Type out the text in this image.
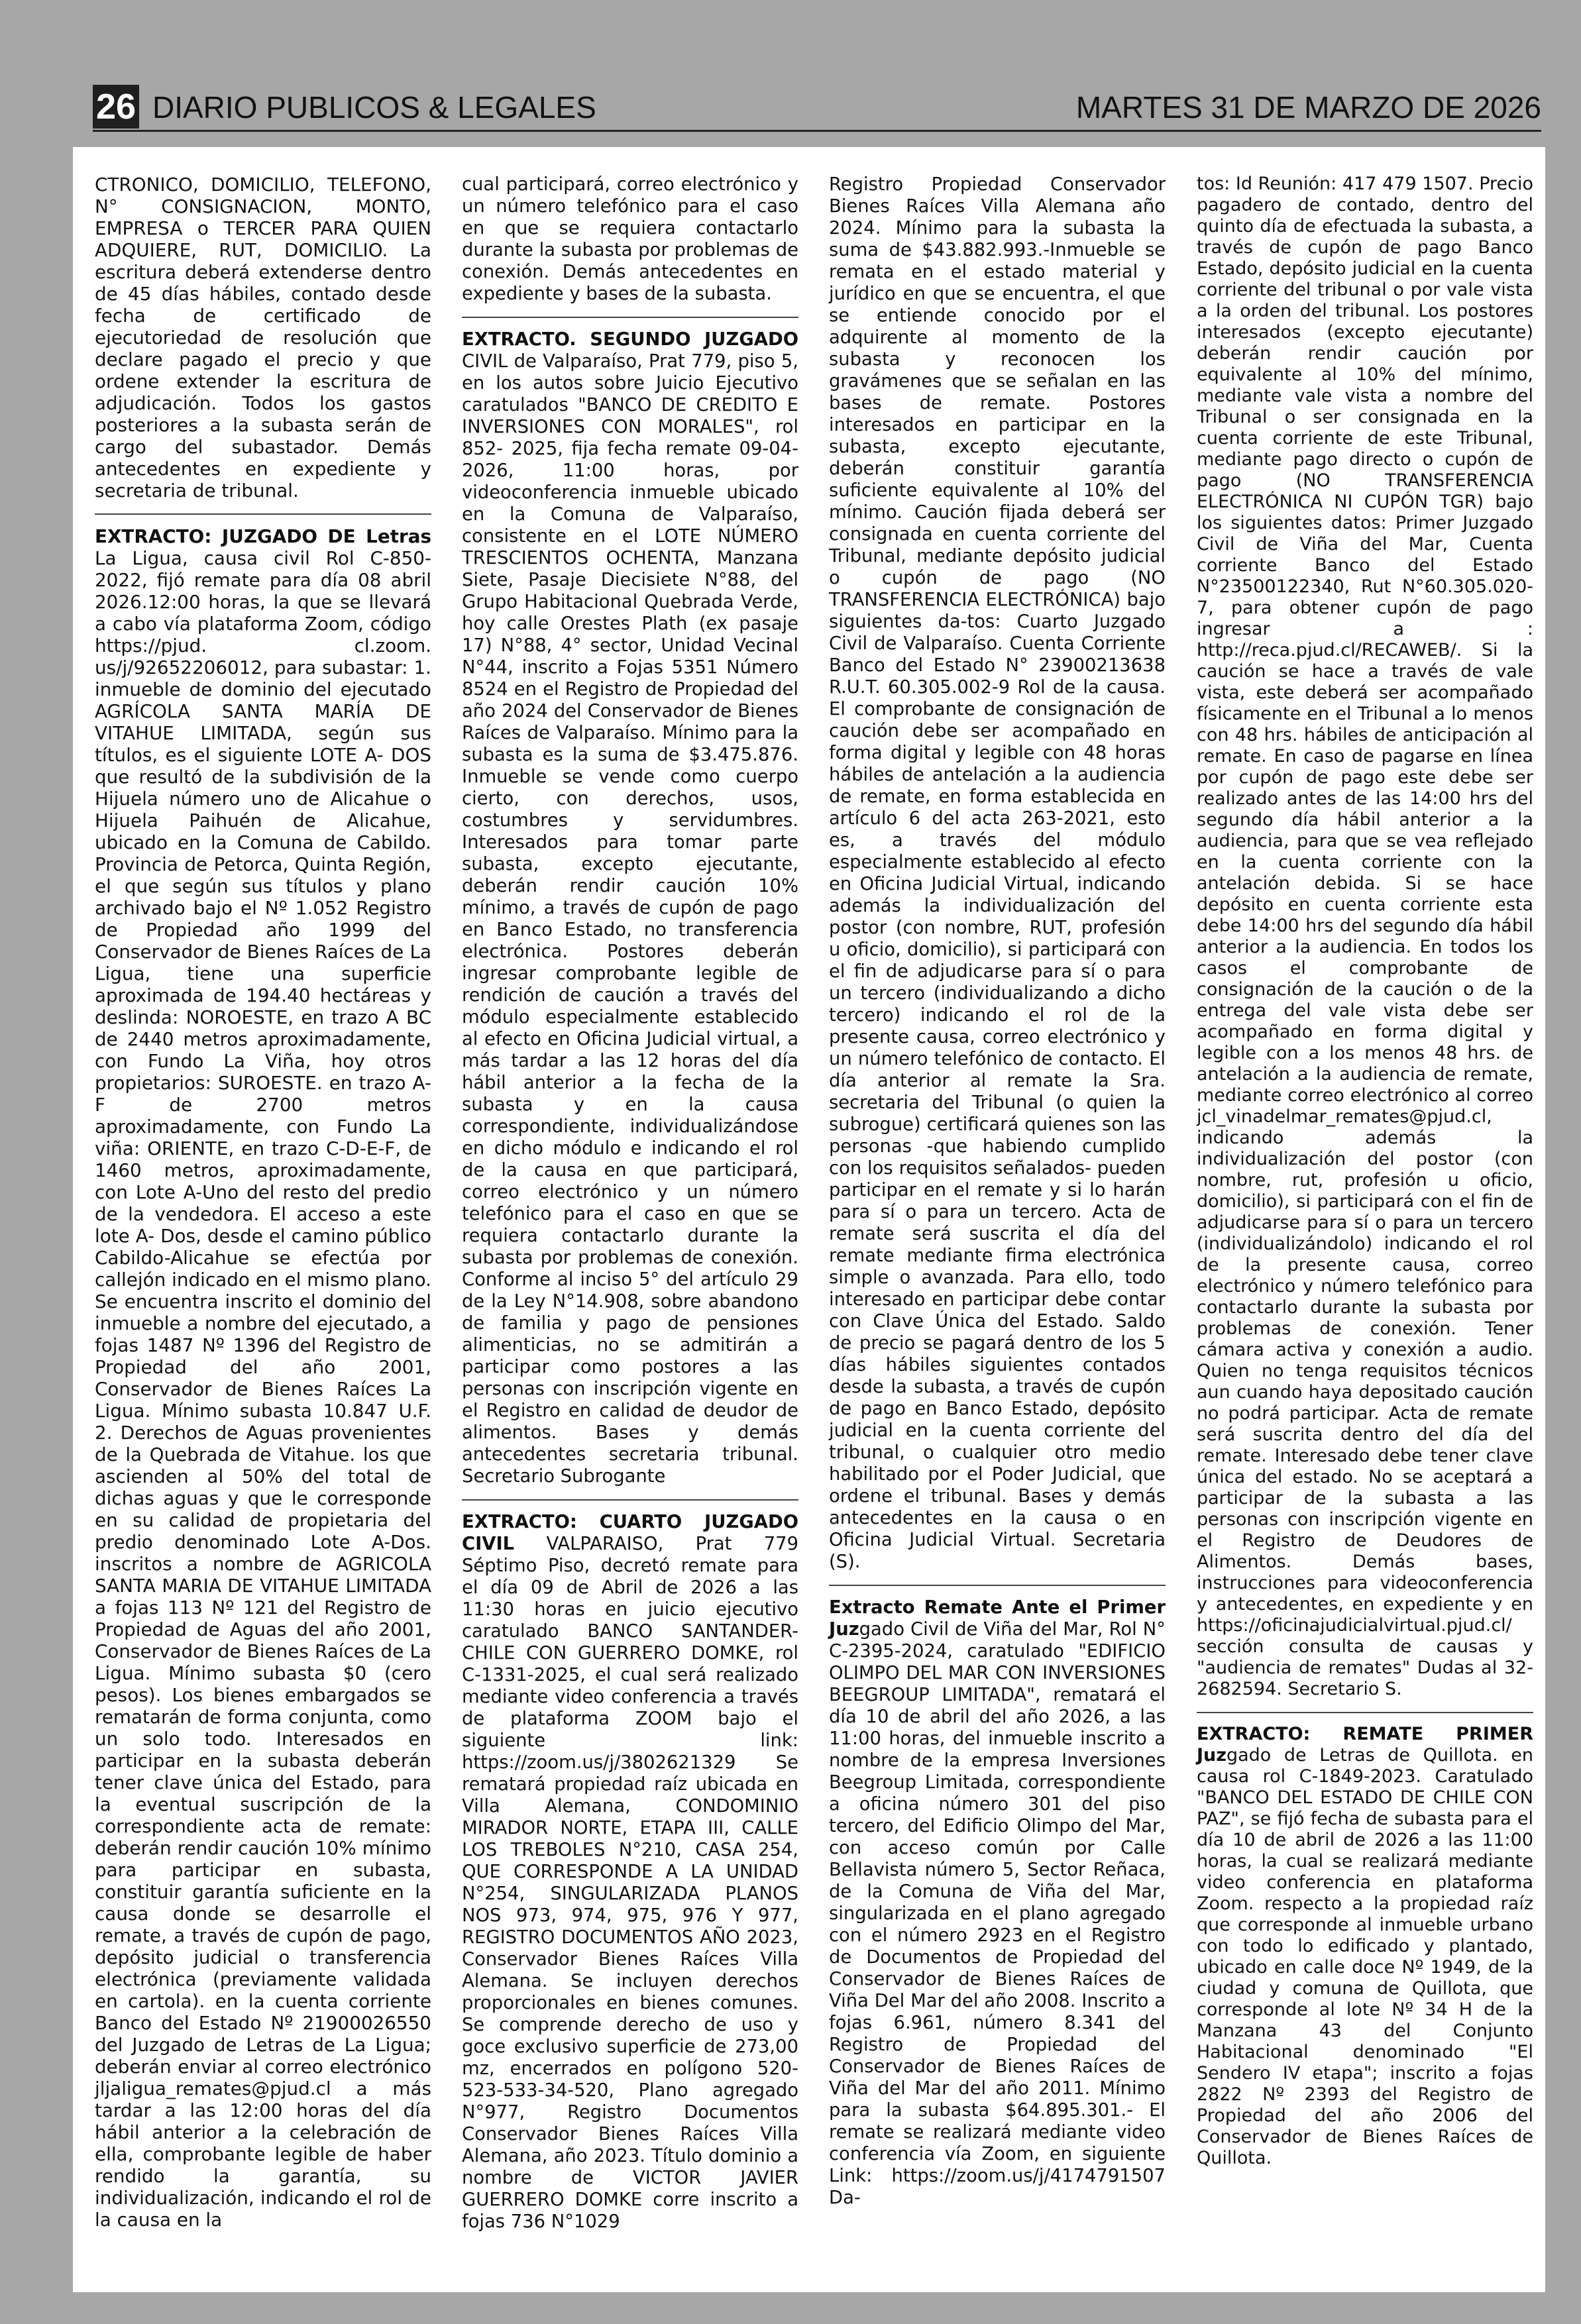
26 DIARIO PUBLICOS & LEGALES	MARTES 31 DE MARZO DE 2026

CTRONICO, DOMICILIO, TELEFONO, N° CONSIGNACION, MONTO, EMPRESA o TERCER PARA QUIEN ADQUIERE, RUT, DOMICILIO. La escritura deberá extenderse dentro de 45 días hábiles, contado desde fecha de certificado de ejecutoriedad de resolución que declare pagado el precio y que ordene extender la escritura de adjudicación. Todos los gastos posteriores a la subasta serán de cargo del subastador. Demás antecedentes en expediente y secretaria de tribunal.

EXTRACTO: JUZGADO DE Letras La Ligua, causa civil Rol C-850-2022, fijó remate para día 08 abril 2026.12:00 horas, la que se llevará a cabo vía plataforma Zoom, código https://pjud. cl.zoom. us/j/92652206012, para subastar: 1. inmueble de dominio del ejecutado AGRÍCOLA SANTA MARÍA DE VITAHUE LIMITADA, según sus títulos, es el siguiente LOTE A- DOS que resultó de la subdivisión de la Hijuela número uno de Alicahue o Hijuela Paihuén de Alicahue, ubicado en la Comuna de Cabildo. Provincia de Petorca, Quinta Región, el que según sus títulos y plano archivado bajo el Nº 1.052 Registro de Propiedad año 1999 del Conservador de Bienes Raíces de La Ligua, tiene una superficie aproximada de 194.40 hectáreas y deslinda: NOROESTE, en trazo A BC de 2440 metros aproximadamente, con Fundo La Viña, hoy otros propietarios: SUROESTE. en trazo A-F de 2700 metros aproximadamente, con Fundo La viña: ORIENTE, en trazo C-D-E-F, de 1460 metros, aproximadamente, con Lote A-Uno del resto del predio de la vendedora. El acceso a este lote A- Dos, desde el camino público Cabildo-Alicahue se efectúa por callejón indicado en el mismo plano. Se encuentra inscrito el dominio del inmueble a nombre del ejecutado, a fojas 1487 Nº 1396 del Registro de Propiedad del año 2001, Conservador de Bienes Raíces La Ligua. Mínimo subasta 10.847 U.F. 2. Derechos de Aguas provenientes de la Quebrada de Vitahue. los que ascienden al 50% del total de dichas aguas y que le corresponde en su calidad de propietaria del predio denominado Lote A-Dos. inscritos a nombre de AGRICOLA SANTA MARIA DE VITAHUE LIMITADA a fojas 113 Nº 121 del Registro de Propiedad de Aguas del año 2001, Conservador de Bienes Raíces de La Ligua. Mínimo subasta $0 (cero pesos). Los bienes embargados se rematarán de forma conjunta, como un solo todo. Interesados en participar en la subasta deberán tener clave única del Estado, para la eventual suscripción de la correspondiente acta de remate: deberán rendir caución 10% mínimo para participar en subasta, constituir garantía suficiente en la causa donde se desarrolle el remate, a través de cupón de pago, depósito judicial o transferencia electrónica (previamente validada en cartola). en la cuenta corriente Banco del Estado Nº 21900026550 del Juzgado de Letras de La Ligua; deberán enviar al correo electrónico jljaligua_remates@pjud.cl a más tardar a las 12:00 horas del día hábil anterior a la celebración de ella, comprobante legible de haber rendido la garantía, su individualización, indicando el rol de la causa en la

cual participará, correo electrónico y un número telefónico para el caso en que se requiera contactarlo durante la subasta por problemas de conexión. Demás antecedentes en expediente y bases de la subasta.

EXTRACTO. SEGUNDO JUZGADO CIVIL de Valparaíso, Prat 779, piso 5, en los autos sobre Juicio Ejecutivo caratulados "BANCO DE CREDITO E INVERSIONES CON MORALES", rol 852- 2025, fija fecha remate 09-04-2026, 11:00 horas, por videoconferencia inmueble ubicado en la Comuna de Valparaíso, consistente en el LOTE NÚMERO TRESCIENTOS OCHENTA, Manzana Siete, Pasaje Diecisiete N°88, del Grupo Habitacional Quebrada Verde, hoy calle Orestes Plath (ex pasaje 17) N°88, 4° sector, Unidad Vecinal N°44, inscrito a Fojas 5351 Número 8524 en el Registro de Propiedad del año 2024 del Conservador de Bienes Raíces de Valparaíso. Mínimo para la subasta es la suma de $3.475.876. Inmueble se vende como cuerpo cierto, con derechos, usos, costumbres y servidumbres. Interesados para tomar parte subasta, excepto ejecutante, deberán rendir caución 10% mínimo, a través de cupón de pago en Banco Estado, no transferencia electrónica. Postores deberán ingresar comprobante legible de rendición de caución a través del módulo especialmente establecido al efecto en Oficina Judicial virtual, a más tardar a las 12 horas del día hábil anterior a la fecha de la subasta y en la causa correspondiente, individualizándose en dicho módulo e indicando el rol de la causa en que participará, correo electrónico y un número telefónico para el caso en que se requiera contactarlo durante la subasta por problemas de conexión. Conforme al inciso 5° del artículo 29 de la Ley N°14.908, sobre abandono de familia y pago de pensiones alimenticias, no se admitirán a participar como postores a las personas con inscripción vigente en el Registro en calidad de deudor de alimentos. Bases y demás antecedentes secretaria tribunal. Secretario Subrogante

EXTRACTO: CUARTO JUZGADO CIVIL VALPARAISO, Prat 779 Séptimo Piso, decretó remate para el día 09 de Abril de 2026 a las 11:30 horas en juicio ejecutivo caratulado BANCO SANTANDER-CHILE CON GUERRERO DOMKE, rol C-1331-2025, el cual será realizado mediante video conferencia a través de plataforma ZOOM bajo el siguiente link: https://zoom.us/j/3802621329 Se rematará propiedad raíz ubicada en Villa Alemana, CONDOMINIO MIRADOR NORTE, ETAPA III, CALLE LOS TREBOLES N°210, CASA 254, QUE CORRESPONDE A LA UNIDAD N°254, SINGULARIZADA PLANOS NOS 973, 974, 975, 976 Y 977, REGISTRO DOCUMENTOS AÑO 2023, Conservador Bienes Raíces Villa Alemana. Se incluyen derechos proporcionales en bienes comunes. Se comprende derecho de uso y goce exclusivo superficie de 273,00 mz, encerrados en polígono 520-523-533-34-520, Plano agregado N°977, Registro Documentos Conservador Bienes Raíces Villa Alemana, año 2023. Título dominio a nombre de VICTOR JAVIER GUERRERO DOMKE corre inscrito a fojas 736 N°1029

Registro Propiedad Conservador Bienes Raíces Villa Alemana año 2024. Mínimo para la subasta la suma de $43.882.993.-Inmueble se remata en el estado material y jurídico en que se encuentra, el que se entiende conocido por el adquirente al momento de la subasta y reconocen los gravámenes que se señalan en las bases de remate. Postores interesados en participar en la subasta, excepto ejecutante, deberán constituir garantía suficiente equivalente al 10% del mínimo. Caución fijada deberá ser consignada en cuenta corriente del Tribunal, mediante depósito judicial o cupón de pago (NO TRANSFERENCIA ELECTRÓNICA) bajo siguientes da-tos: Cuarto Juzgado Civil de Valparaíso. Cuenta Corriente Banco del Estado N° 23900213638 R.U.T. 60.305.002-9 Rol de la causa. El comprobante de consignación de caución debe ser acompañado en forma digital y legible con 48 horas hábiles de antelación a la audiencia de remate, en forma establecida en artículo 6 del acta 263-2021, esto es, a través del módulo especialmente establecido al efecto en Oficina Judicial Virtual, indicando además la individualización del postor (con nombre, RUT, profesión u oficio, domicilio), si participará con el fin de adjudicarse para sí o para un tercero (individualizando a dicho tercero) indicando el rol de la presente causa, correo electrónico y un número telefónico de contacto. El día anterior al remate la Sra. secretaria del Tribunal (o quien la subrogue) certificará quienes son las personas -que habiendo cumplido con los requisitos señalados- pueden participar en el remate y si lo harán para sí o para un tercero. Acta de remate será suscrita el día del remate mediante firma electrónica simple o avanzada. Para ello, todo interesado en participar debe contar con Clave Única del Estado. Saldo de precio se pagará dentro de los 5 días hábiles siguientes contados desde la subasta, a través de cupón de pago en Banco Estado, depósito judicial en la cuenta corriente del tribunal, o cualquier otro medio habilitado por el Poder Judicial, que ordene el tribunal. Bases y demás antecedentes en la causa o en Oficina Judicial Virtual. Secretaria (S).

Extracto Remate Ante el Primer Juzgado Civil de Viña del Mar, Rol N° C-2395-2024, caratulado "EDIFICIO OLIMPO DEL MAR CON INVERSIONES BEEGROUP LIMITADA", rematará el día 10 de abril del año 2026, a las 11:00 horas, del inmueble inscrito a nombre de la empresa Inversiones Beegroup Limitada, correspondiente a oficina número 301 del piso tercero, del Edificio Olimpo del Mar, con acceso común por Calle Bellavista número 5, Sector Reñaca, de la Comuna de Viña del Mar, singularizada en el plano agregado con el número 2923 en el Registro de Documentos de Propiedad del Conservador de Bienes Raíces de Viña Del Mar del año 2008. Inscrito a fojas 6.961, número 8.341 del Registro de Propiedad del Conservador de Bienes Raíces de Viña del Mar del año 2011. Mínimo para la subasta $64.895.301.- El remate se realizará mediante video conferencia vía Zoom, en siguiente Link: https://zoom.us/j/4174791507 Da-

tos: Id Reunión: 417 479 1507. Precio pagadero de contado, dentro del quinto día de efectuada la subasta, a través de cupón de pago Banco Estado, depósito judicial en la cuenta corriente del tribunal o por vale vista a la orden del tribunal. Los postores interesados (excepto ejecutante) deberán rendir caución por equivalente al 10% del mínimo, mediante vale vista a nombre del Tribunal o ser consignada en la cuenta corriente de este Tribunal, mediante pago directo o cupón de pago (NO TRANSFERENCIA ELECTRÓNICA NI CUPÓN TGR) bajo los siguientes datos: Primer Juzgado Civil de Viña del Mar, Cuenta corriente Banco del Estado N°23500122340, Rut N°60.305.020-7, para obtener cupón de pago ingresar a : http://reca.pjud.cl/RECAWEB/. Si la caución se hace a través de vale vista, este deberá ser acompañado físicamente en el Tribunal a lo menos con 48 hrs. hábiles de anticipación al remate. En caso de pagarse en línea por cupón de pago este debe ser realizado antes de las 14:00 hrs del segundo día hábil anterior a la audiencia, para que se vea reflejado en la cuenta corriente con la antelación debida. Si se hace depósito en cuenta corriente esta debe 14:00 hrs del segundo día hábil anterior a la audiencia. En todos los casos el comprobante de consignación de la caución o de la entrega del vale vista debe ser acompañado en forma digital y legible con a los menos 48 hrs. de antelación a la audiencia de remate, mediante correo electrónico al correo jcl_vinadelmar_remates@pjud.cl, indicando además la individualización del postor (con nombre, rut, profesión u oficio, domicilio), si participará con el fin de adjudicarse para sí o para un tercero (individualizándolo) indicando el rol de la presente causa, correo electrónico y número telefónico para contactarlo durante la subasta por problemas de conexión. Tener cámara activa y conexión a audio. Quien no tenga requisitos técnicos aun cuando haya depositado caución no podrá participar. Acta de remate será suscrita dentro del día del remate. Interesado debe tener clave única del estado. No se aceptará a participar de la subasta a las personas con inscripción vigente en el Registro de Deudores de Alimentos. Demás bases, instrucciones para videoconferencia y antecedentes, en expediente y en https://oficinajudicialvirtual.pjud.cl/ sección consulta de causas y "audiencia de remates" Dudas al 32-2682594. Secretario S.

EXTRACTO: REMATE PRIMER Juzgado de Letras de Quillota. en causa rol C-1849-2023. Caratulado "BANCO DEL ESTADO DE CHILE CON PAZ", se fijó fecha de subasta para el día 10 de abril de 2026 a las 11:00 horas, la cual se realizará mediante video conferencia en plataforma Zoom. respecto a la propiedad raíz que corresponde al inmueble urbano con todo lo edificado y plantado, ubicado en calle doce Nº 1949, de la ciudad y comuna de Quillota, que corresponde al lote Nº 34 H de la Manzana 43 del Conjunto Habitacional denominado "El Sendero IV etapa"; inscrito a fojas 2822 Nº 2393 del Registro de Propiedad del año 2006 del Conservador de Bienes Raíces de Quillota.
